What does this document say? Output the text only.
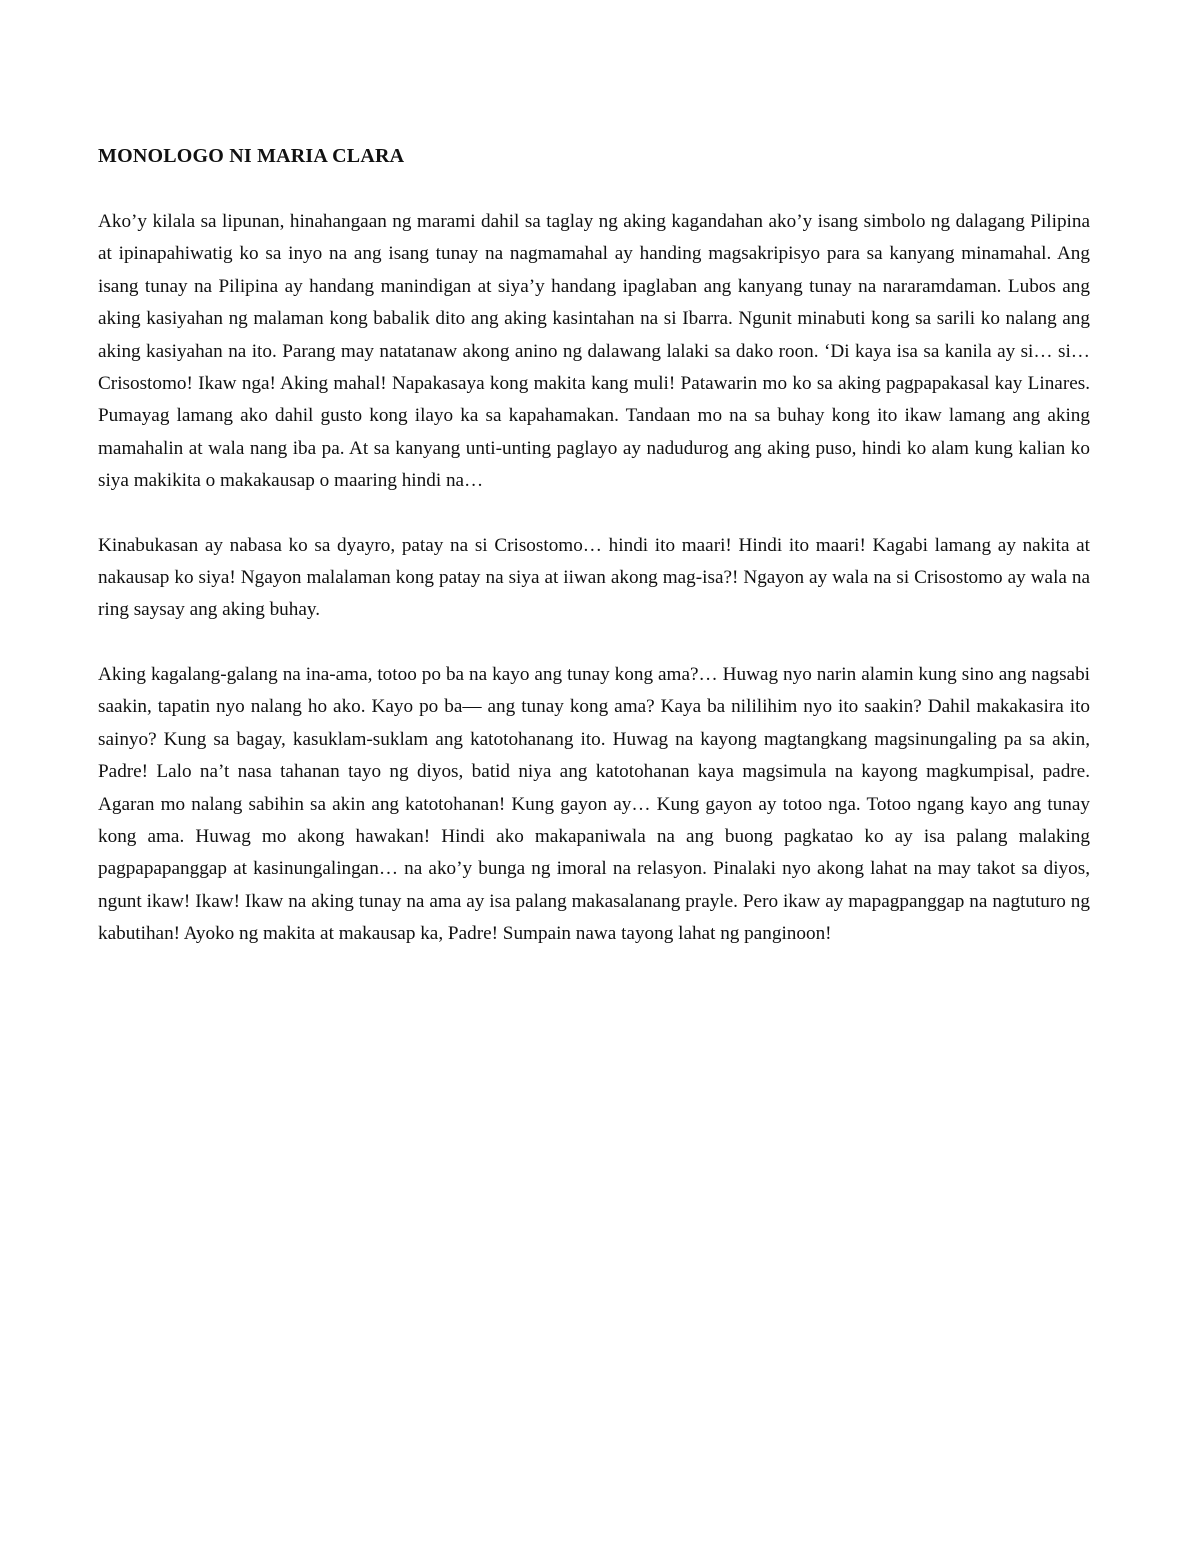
MONOLOGO NI MARIA CLARA

Ako’y kilala sa lipunan, hinahangaan ng marami dahil sa taglay ng aking kagandahan ako’y isang simbolo ng dalagang Pilipina at ipinapahiwatig ko sa inyo na ang isang tunay na nagmamahal ay handing magsakripisyo para sa kanyang minamahal. Ang isang tunay na Pilipina ay handang manindigan at siya’y handang ipaglaban ang kanyang tunay na nararamdaman. Lubos ang aking kasiyahan ng malaman kong babalik dito ang aking kasintahan na si Ibarra. Ngunit minabuti kong sa sarili ko nalang ang aking kasiyahan na ito. Parang may natatanaw akong anino ng dalawang lalaki sa dako roon. ‘Di kaya isa sa kanila ay si… si… Crisostomo! Ikaw nga! Aking mahal! Napakasaya kong makita kang muli! Patawarin mo ko sa aking pagpapakasal kay Linares. Pumayag lamang ako dahil gusto kong ilayo ka sa kapahamakan. Tandaan mo na sa buhay kong ito ikaw lamang ang aking mamahalin at wala nang iba pa. At sa kanyang unti-unting paglayo ay nadudurog ang aking puso, hindi ko alam kung kalian ko siya makikita o makakausap o maaring hindi na…

Kinabukasan ay nabasa ko sa dyayro, patay na si Crisostomo… hindi ito maari! Hindi ito maari! Kagabi lamang ay nakita at nakausap ko siya! Ngayon malalaman kong patay na siya at iiwan akong mag-isa?! Ngayon ay wala na si Crisostomo ay wala na ring saysay ang aking buhay.

Aking kagalang-galang na ina-ama, totoo po ba na kayo ang tunay kong ama?… Huwag nyo narin alamin kung sino ang nagsabi saakin, tapatin nyo nalang ho ako. Kayo po ba— ang tunay kong ama? Kaya ba nililihim nyo ito saakin? Dahil makakasira ito sainyo? Kung sa bagay, kasuklam-suklam ang katotohanang ito. Huwag na kayong magtangkang magsinungaling pa sa akin, Padre! Lalo na’t nasa tahanan tayo ng diyos, batid niya ang katotohanan kaya magsimula na kayong magkumpisal, padre. Agaran mo nalang sabihin sa akin ang katotohanan! Kung gayon ay… Kung gayon ay totoo nga. Totoo ngang kayo ang tunay kong ama. Huwag mo akong hawakan! Hindi ako makapaniwala na ang buong pagkatao ko ay isa palang malaking pagpapapanggap at kasinungalingan… na ako’y bunga ng imoral na relasyon. Pinalaki nyo akong lahat na may takot sa diyos, ngunt ikaw! Ikaw! Ikaw na aking tunay na ama ay isa palang makasalanang prayle. Pero ikaw ay mapagpanggap na nagtuturo ng kabutihan! Ayoko ng makita at makausap ka, Padre! Sumpain nawa tayong lahat ng panginoon!
